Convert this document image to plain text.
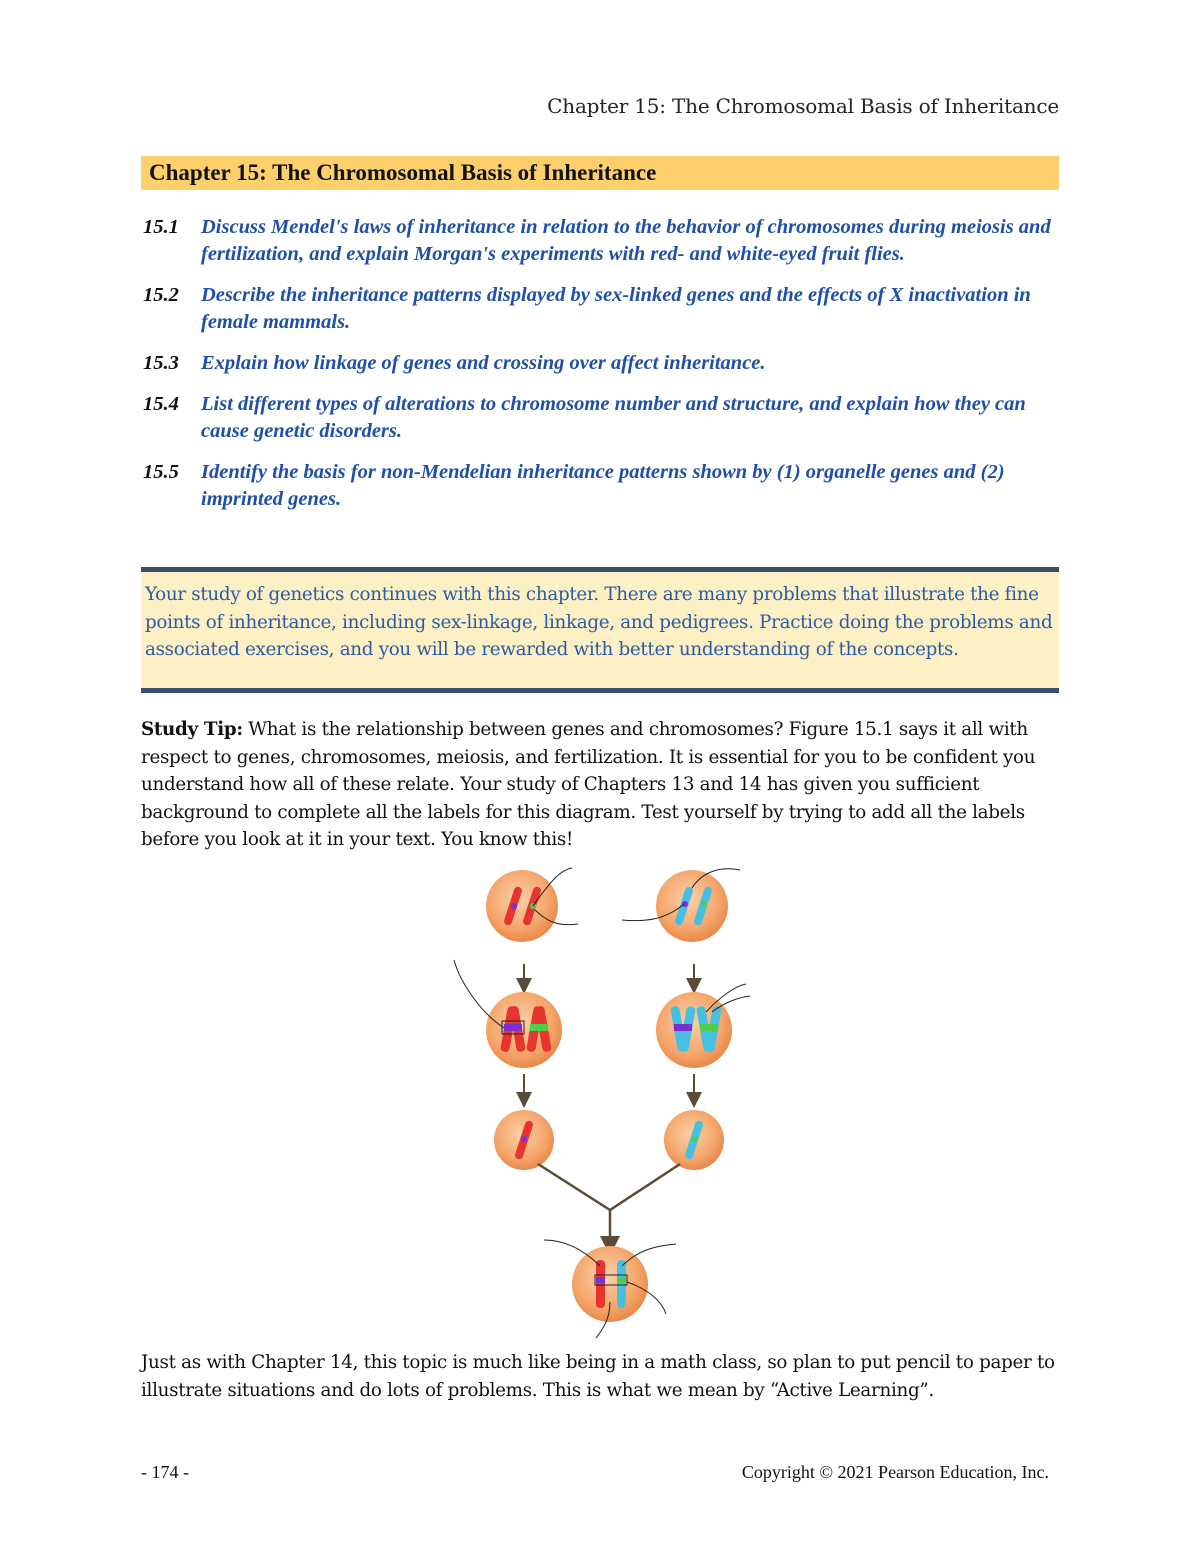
Chapter 15: The Chromosomal Basis of Inheritance
Chapter 15: The Chromosomal Basis of Inheritance
15.1	Discuss Mendel's laws of inheritance in relation to the behavior of chromosomes during meiosis and fertilization, and explain Morgan's experiments with red- and white-eyed fruit flies.
15.2	Describe the inheritance patterns displayed by sex-linked genes and the effects of X inactivation in female mammals.
15.3	Explain how linkage of genes and crossing over affect inheritance.
15.4	List different types of alterations to chromosome number and structure, and explain how they can cause genetic disorders.
15.5	Identify the basis for non-Mendelian inheritance patterns shown by (1) organelle genes and (2) imprinted genes.
Your study of genetics continues with this chapter. There are many problems that illustrate the fine points of inheritance, including sex-linkage, linkage, and pedigrees. Practice doing the problems and associated exercises, and you will be rewarded with better understanding of the concepts.
Study Tip: What is the relationship between genes and chromosomes? Figure 15.1 says it all with respect to genes, chromosomes, meiosis, and fertilization. It is essential for you to be confident you understand how all of these relate. Your study of Chapters 13 and 14 has given you sufficient background to complete all the labels for this diagram. Test yourself by trying to add all the labels before you look at it in your text. You know this!
Just as with Chapter 14, this topic is much like being in a math class, so plan to put pencil to paper to illustrate situations and do lots of problems. This is what we mean by “Active Learning”.
- 174 -	Copyright © 2021 Pearson Education, Inc.
